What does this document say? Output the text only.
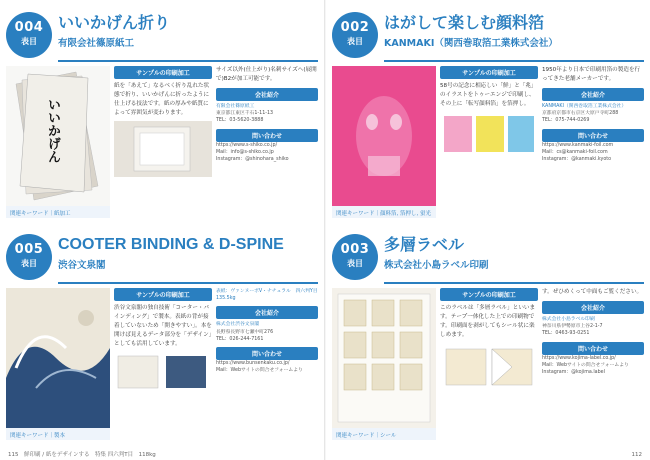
004
表目
いいかげん折り
有限会社篠原紙工
いいかげん
関連キーワード｜紙加工
サンプルの印刷加工
紙を「あえて」なるべく折り乱れた状態で折り、いいかげんに折ったように仕上げる技法です。紙の厚みや紙質によって雰囲気が変わります。
サイズ以外(仕上がり)名刺サイズへ(展開で)B2が加工可能です。
会社紹介
有限会社篠原紙工
東京都江東区千石1-11-13
TEL：03-5620-3888
問い合わせ
https://www.s-shiko.co.jp/
Mail：info@s-shiko.co.jp
Instagram：@shinohara_shiko
002
表目
はがして楽しむ顔料箔
KANMAKI（関西巻取箔工業株式会社）
関連キーワード｜顔料箔, 箔押し, 蛍光
サンプルの印刷加工
58号の記念に相応しい「鮮」と「兆」のイラストをトゥーエンジで印刷し、その上に「転写顔料箔」を箔押し。
1950年より日本で印刷用箔の製造を行ってきた老舗メーカーです。
会社紹介
KANMAKI（関西巻取箔工業株式会社）
京都府京都市右京区大原戸寺町288
TEL：075-744-0269
問い合わせ
https://www.kanmaki-foil.com
Mail：cs@kanmaki-foil.com
Instagram：@kanmaki.kyoto
005
表目
COOTER BINDING & D-SPINE
渋谷文泉閣
関連キーワード｜製本
サンプルの印刷加工
渋谷文泉閣の独自技術「コーター・バインディング」で製本。表紙の背が接着していないため「開きやすい」。本を開けば見えるデータ部分を「デザイン」としても活用しています。
表紙：ヴァンヌーボV・ナチュラル　四六判Y目 135.5kg
会社紹介
株式会社渋谷文泉閣
長野県長野市七瀬中町276
TEL：026-244-7161
問い合わせ
https://www.bunsenkaku.co.jp/
Mail：Webサイトの問合せフォームより
003
表目
多層ラベル
株式会社小島ラベル印刷
関連キーワード｜シール
サンプルの印刷加工
このラベルは「多層ラベル」といいます。テープ一体化した上での印刷物です。印刷面を剥がしてもシール状に楽しめます。
す。ぜひめくって中面もご覧ください。
会社紹介
株式会社小島ラベル印刷
神奈川県伊勢原市上谷2-1-7
TEL：0463-93-0251
問い合わせ
https://www.kojima-label.co.jp/
Mail：Webサイトの問合せフォームより
Instagram：@kojima.label
115　鮮印刷 / 紙をデザインする　特集 四六判T目　118kg	112
